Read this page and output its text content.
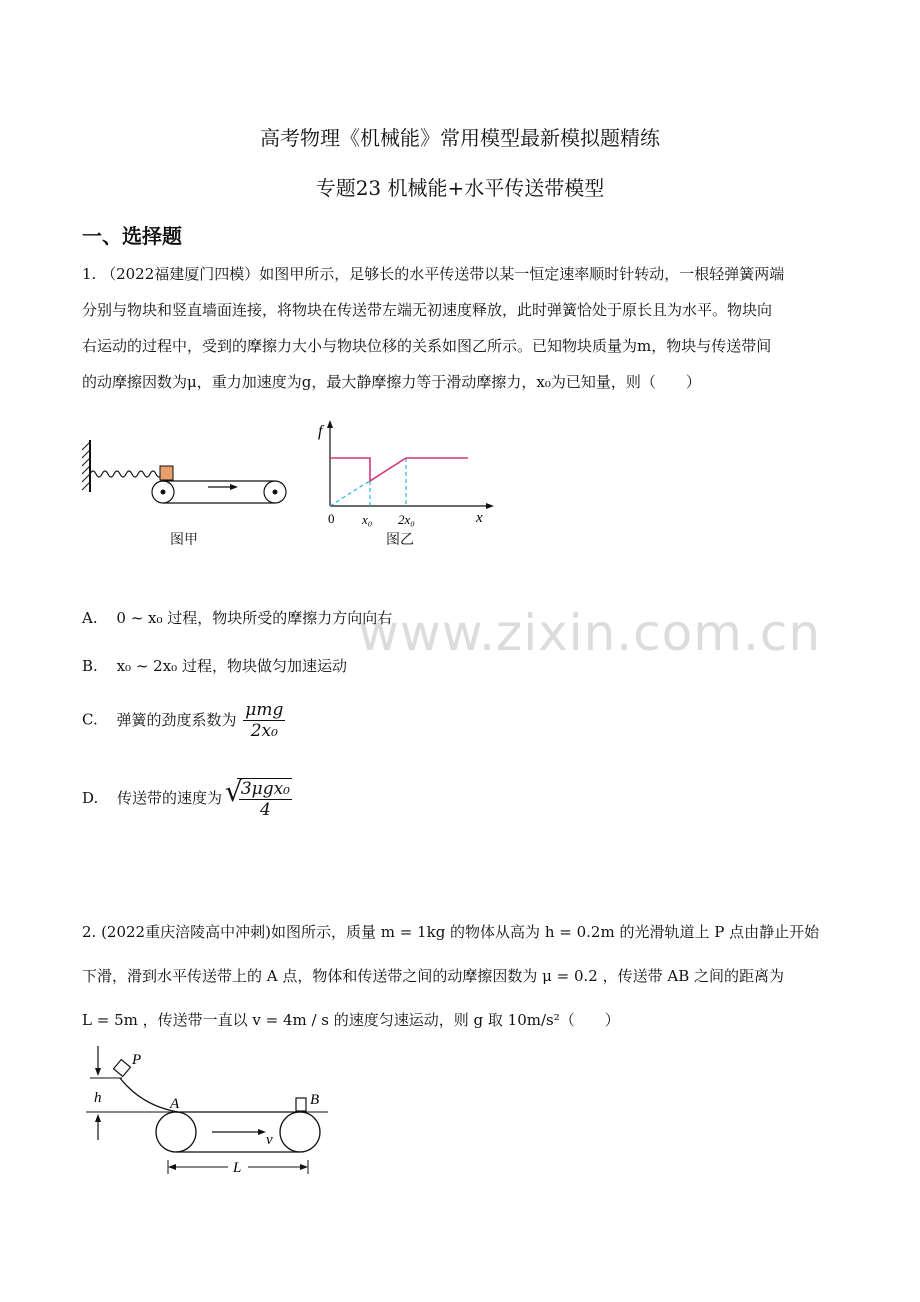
高考物理《机械能》常用模型最新模拟题精练
专题23 机械能+水平传送带模型
一、选择题
1. （2022福建厦门四模）如图甲所示，足够长的水平传送带以某一恒定速率顺时针转动，一根轻弹簧两端
分别与物块和竖直墙面连接，将物块在传送带左端无初速度释放，此时弹簧恰处于原长且为水平。物块向
右运动的过程中，受到的摩擦力大小与物块位移的关系如图乙所示。已知物块质量为m，物块与传送带间
的动摩擦因数为μ，重力加速度为g，最大静摩擦力等于滑动摩擦力，x₀为已知量，则（　　）
图甲
f
0 x₀ 2x₀	x
图乙
www.zixin.com.cn
A. 0 ~ x₀ 过程，物块所受的摩擦力方向向右
B. x₀ ~ 2x₀ 过程，物块做匀加速运动
C. 弹簧的劲度系数为 $\frac{\text{μmg}}{\text{2x₀}}$
D. 传送带的速度为
√ $\frac{\text{3μgx₀}}{4}$
2. (2022重庆涪陵高中冲刺)如图所示，质量 m = 1kg 的物体从高为 h = 0.2m 的光滑轨道上 P 点由静止开始
下滑，滑到水平传送带上的 A 点，物体和传送带之间的动摩擦因数为 μ = 0.2 ，传送带 AB 之间的距离为
L = 5m ，传送带一直以 v = 4m / s 的速度匀速运动，则 g 取 10m/s²（　　）
h
P
A	B
v
L
